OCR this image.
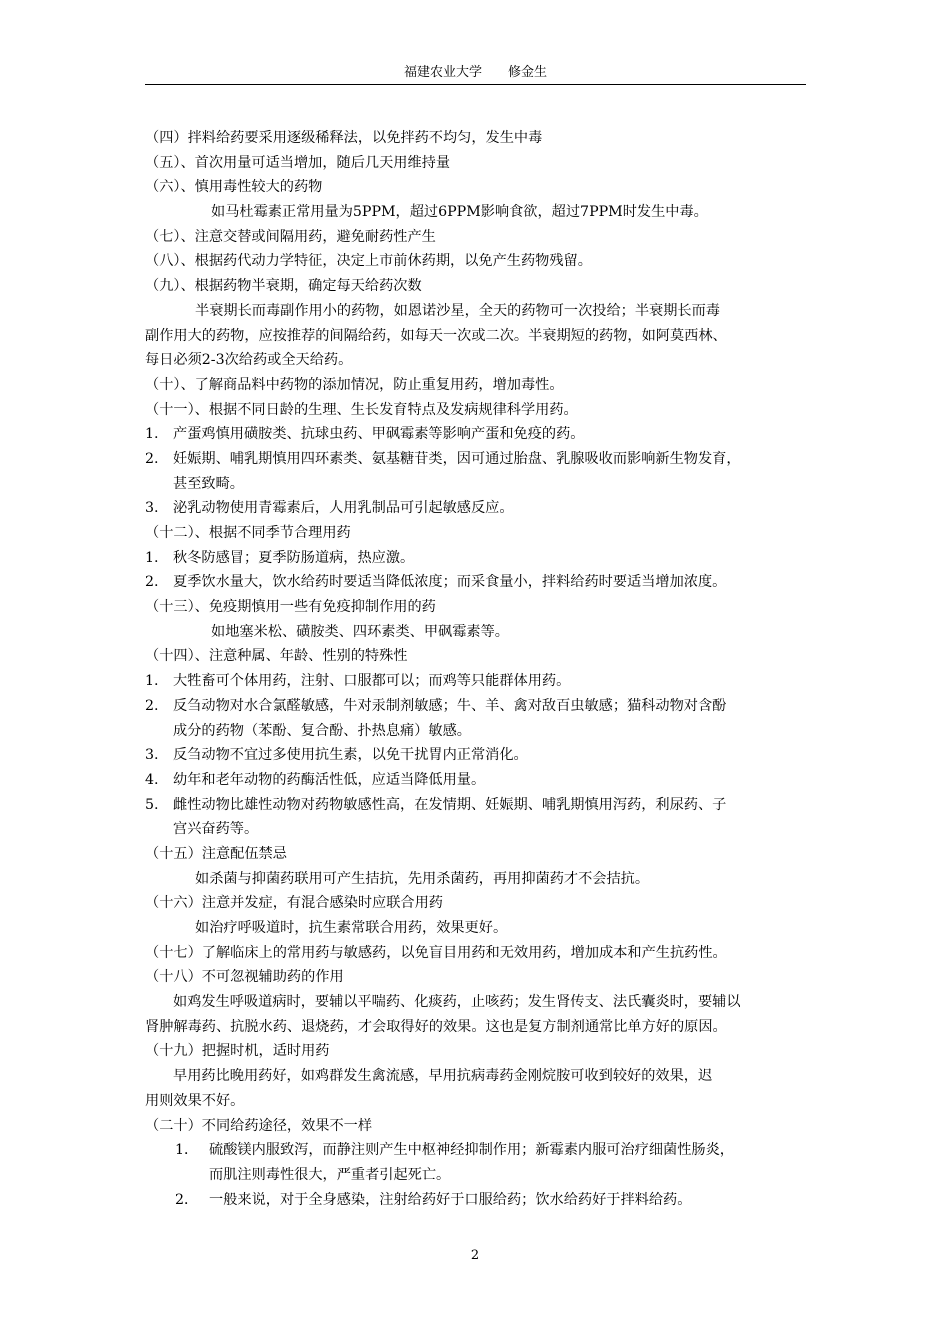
福建农业大学　　修金生
（四）拌料给药要采用逐级稀释法，以免拌药不均匀，发生中毒
（五）、首次用量可适当增加，随后几天用维持量
（六）、慎用毒性较大的药物
如马杜霉素正常用量为5PPM，超过6PPM影响食欲，超过7PPM时发生中毒。
（七）、注意交替或间隔用药，避免耐药性产生
（八）、根据药代动力学特征，决定上市前休药期，以免产生药物残留。
（九）、根据药物半衰期，确定每天给药次数
半衰期长而毒副作用小的药物，如恩诺沙星，全天的药物可一次投给；半衰期长而毒
副作用大的药物，应按推荐的间隔给药，如每天一次或二次。半衰期短的药物，如阿莫西林、
每日必须2-3次给药或全天给药。
（十）、了解商品料中药物的添加情况，防止重复用药，增加毒性。
（十一）、根据不同日龄的生理、生长发育特点及发病规律科学用药。
1. 产蛋鸡慎用磺胺类、抗球虫药、甲砜霉素等影响产蛋和免疫的药。
2. 妊娠期、哺乳期慎用四环素类、氨基糖苷类，因可通过胎盘、乳腺吸收而影响新生物发育，
甚至致畸。
3. 泌乳动物使用青霉素后，人用乳制品可引起敏感反应。
（十二）、根据不同季节合理用药
1. 秋冬防感冒；夏季防肠道病，热应激。
2. 夏季饮水量大，饮水给药时要适当降低浓度；而采食量小，拌料给药时要适当增加浓度。
（十三）、免疫期慎用一些有免疫抑制作用的药
如地塞米松、磺胺类、四环素类、甲砜霉素等。
（十四）、注意种属、年龄、性别的特殊性
1. 大牲畜可个体用药，注射、口服都可以；而鸡等只能群体用药。
2. 反刍动物对水合氯醛敏感，牛对汞制剂敏感；牛、羊、禽对敌百虫敏感；猫科动物对含酚
成分的药物（苯酚、复合酚、扑热息痛）敏感。
3. 反刍动物不宜过多使用抗生素，以免干扰胃内正常消化。
4. 幼年和老年动物的药酶活性低，应适当降低用量。
5. 雌性动物比雄性动物对药物敏感性高，在发情期、妊娠期、哺乳期慎用泻药，利尿药、子
宫兴奋药等。
（十五）注意配伍禁忌
如杀菌与抑菌药联用可产生拮抗，先用杀菌药，再用抑菌药才不会拮抗。
（十六）注意并发症，有混合感染时应联合用药
如治疗呼吸道时，抗生素常联合用药，效果更好。
（十七）了解临床上的常用药与敏感药，以免盲目用药和无效用药，增加成本和产生抗药性。
（十八）不可忽视辅助药的作用
如鸡发生呼吸道病时，要辅以平喘药、化痰药，止咳药；发生肾传支、法氏囊炎时，要辅以
肾肿解毒药、抗脱水药、退烧药，才会取得好的效果。这也是复方制剂通常比单方好的原因。
（十九）把握时机，适时用药
早用药比晚用药好，如鸡群发生禽流感，早用抗病毒药金刚烷胺可收到较好的效果，迟
用则效果不好。
（二十）不同给药途径，效果不一样
1． 硫酸镁内服致泻，而静注则产生中枢神经抑制作用；新霉素内服可治疗细菌性肠炎，
而肌注则毒性很大，严重者引起死亡。
2． 一般来说，对于全身感染，注射给药好于口服给药；饮水给药好于拌料给药。
2
